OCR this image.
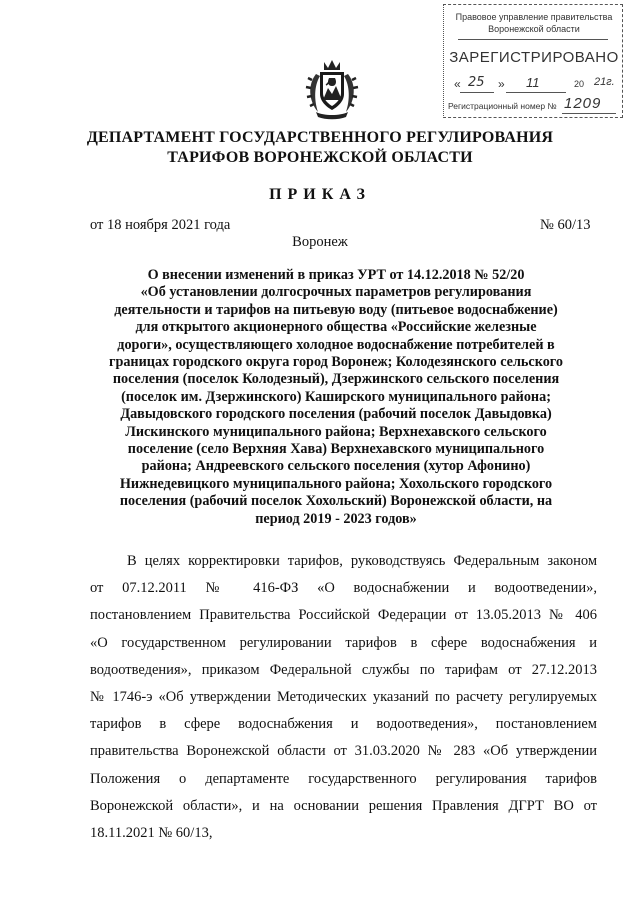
Правовое управление правительства
Воронежской области
ЗАРЕГИСТРИРОВАНО
« 25 » 11	20 21г.
Регистрационный номер № 1209
ДЕПАРТАМЕНТ ГОСУДАРСТВЕННОГО РЕГУЛИРОВАНИЯ
ТАРИФОВ ВОРОНЕЖСКОЙ ОБЛАСТИ
ПРИКАЗ
от 18 ноября 2021 года	№ 60/13
Воронеж
О внесении изменений в приказ УРТ от 14.12.2018 № 52/20
«Об установлении долгосрочных параметров регулирования
деятельности и тарифов на питьевую воду (питьевое водоснабжение)
для открытого акционерного общества «Российские железные
дороги», осуществляющего холодное водоснабжение потребителей в
границах городского округа город Воронеж; Колодезянского сельского
поселения (поселок Колодезный), Дзержинского сельского поселения
(поселок им. Дзержинского) Каширского муниципального района;
Давыдовского городского поселения (рабочий поселок Давыдовка)
Лискинского муниципального района; Верхнехавского сельского
поселение (село Верхняя Хава) Верхнехавского муниципального
района; Андреевского сельского поселения (хутор Афонино)
Нижнедевицкого муниципального района; Хохольского городского
поселения (рабочий поселок Хохольский) Воронежской области, на
период 2019 - 2023 годов»
В целях корректировки тарифов, руководствуясь Федеральным законом
от 07.12.2011 № 416-ФЗ «О водоснабжении и водоотведении»,
постановлением Правительства Российской Федерации от 13.05.2013 № 406
«О государственном регулировании тарифов в сфере водоснабжения и
водоотведения», приказом Федеральной службы по тарифам от 27.12.2013
№ 1746-э «Об утверждении Методических указаний по расчету регулируемых
тарифов в сфере водоснабжения и водоотведения», постановлением
правительства Воронежской области от 31.03.2020 № 283 «Об утверждении
Положения о департаменте государственного регулирования тарифов
Воронежской области», и на основании решения Правления ДГРТ ВО от
18.11.2021 № 60/13,
